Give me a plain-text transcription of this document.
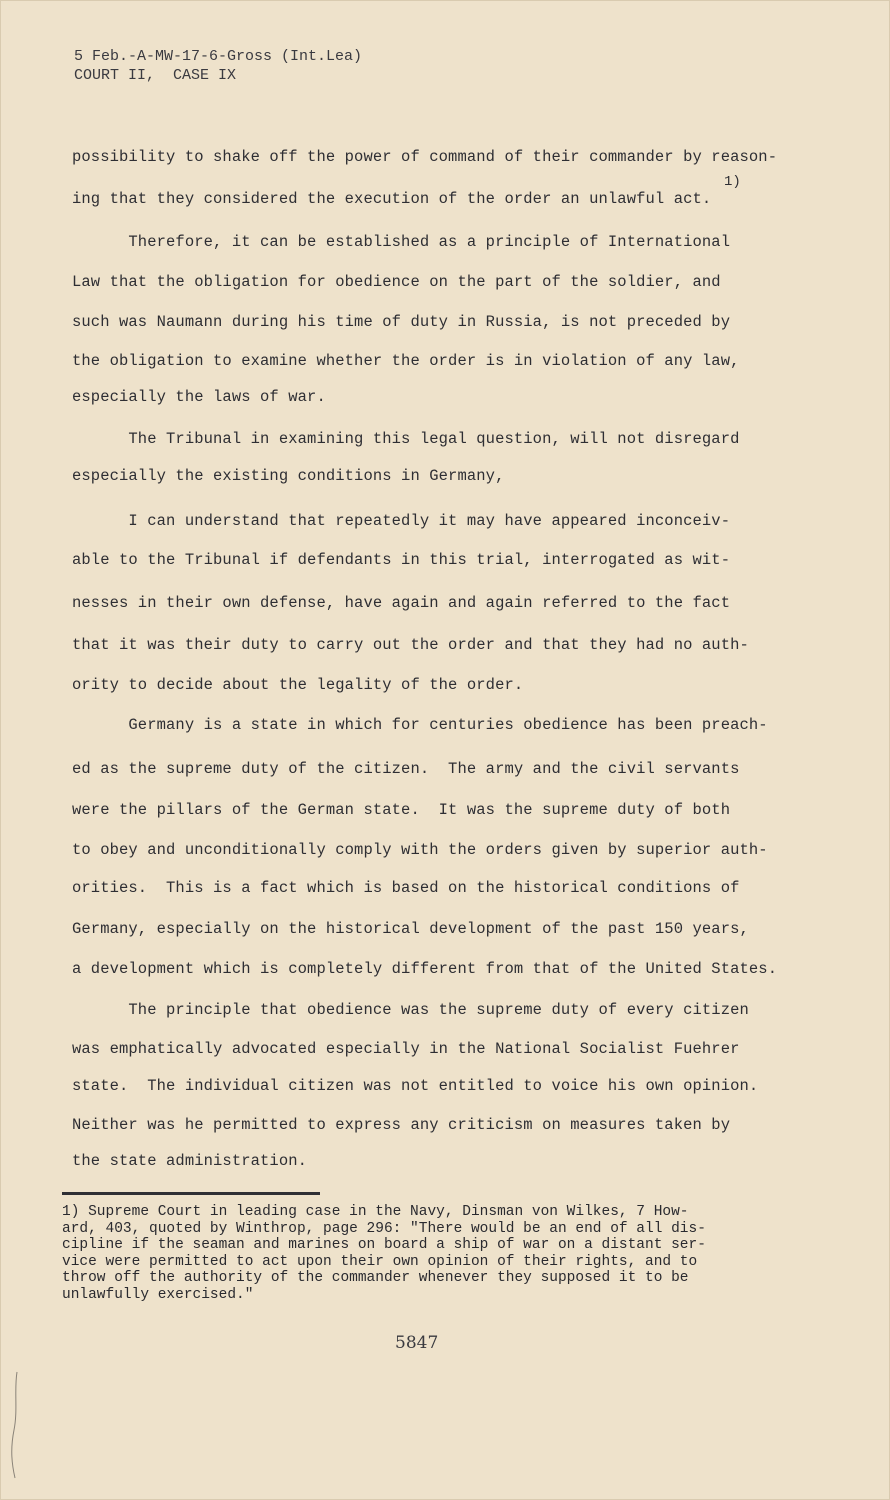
5 Feb.-A-MW-17-6-Gross (Int.Lea)
COURT II,  CASE IX
possibility to shake off the power of command of their commander by reason-
1)
ing that they considered the execution of the order an unlawful act.
Therefore, it can be established as a principle of International
Law that the obligation for obedience on the part of the soldier, and
such was Naumann during his time of duty in Russia, is not preceded by
the obligation to examine whether the order is in violation of any law,
especially the laws of war.
The Tribunal in examining this legal question, will not disregard
especially the existing conditions in Germany,
I can understand that repeatedly it may have appeared inconceiv-
able to the Tribunal if defendants in this trial, interrogated as wit-
nesses in their own defense, have again and again referred to the fact
that it was their duty to carry out the order and that they had no auth-
ority to decide about the legality of the order.
Germany is a state in which for centuries obedience has been preach-
ed as the supreme duty of the citizen.  The army and the civil servants
were the pillars of the German state.  It was the supreme duty of both
to obey and unconditionally comply with the orders given by superior auth-
orities.  This is a fact which is based on the historical conditions of
Germany, especially on the historical development of the past 150 years,
a development which is completely different from that of the United States.
The principle that obedience was the supreme duty of every citizen
was emphatically advocated especially in the National Socialist Fuehrer
state.  The individual citizen was not entitled to voice his own opinion.
Neither was he permitted to express any criticism on measures taken by
the state administration.
1) Supreme Court in leading case in the Navy, Dinsman von Wilkes, 7 How-
ard, 403, quoted by Winthrop, page 296: "There would be an end of all dis-
cipline if the seaman and marines on board a ship of war on a distant ser-
vice were permitted to act upon their own opinion of their rights, and to
throw off the authority of the commander whenever they supposed it to be
unlawfully exercised."
5847
